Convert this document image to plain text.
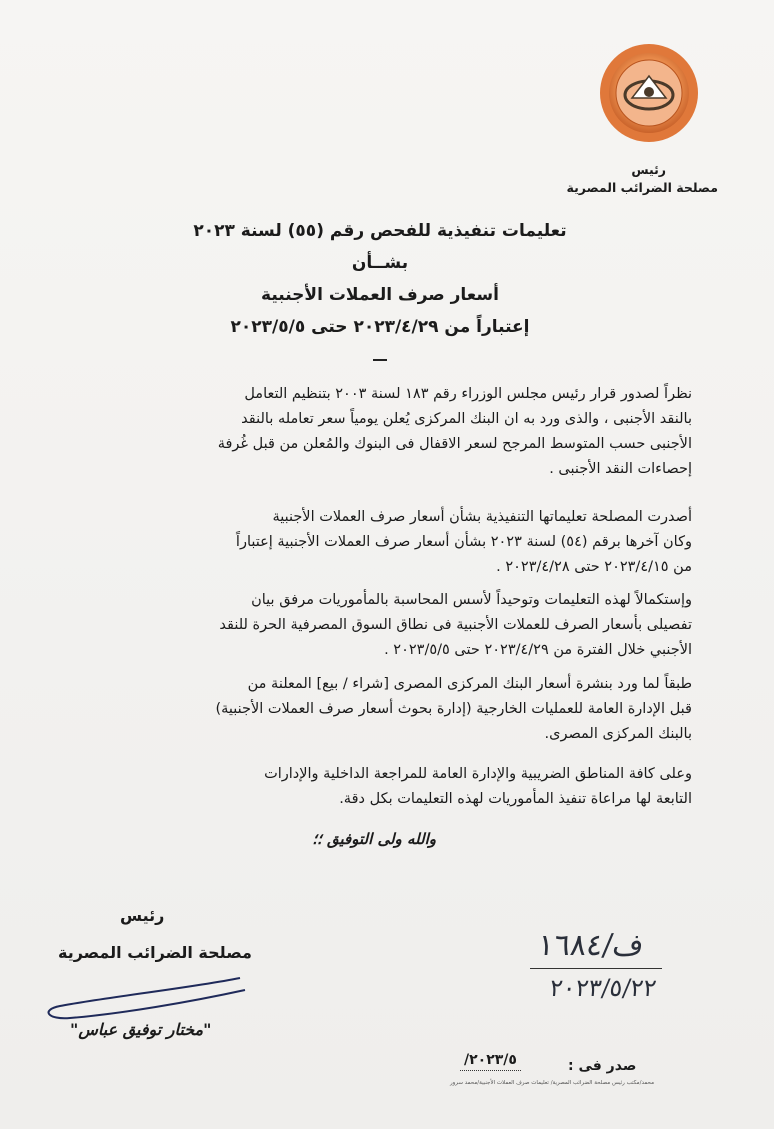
رئيس
مصلحة الضرائب المصرية
تعليمات تنفيذية للفحص رقم (٥٥) لسنة ٢٠٢٣
بشــأن
أسعار صرف العملات الأجنبية
إعتباراً من ٢٠٢٣/٤/٢٩ حتى ٢٠٢٣/٥/٥
نظراً لصدور قرار رئيس مجلس الوزراء رقم ١٨٣ لسنة ٢٠٠٣ بتنظيم التعامل
بالنقد الأجنبى ، والذى ورد به ان البنك المركزى يُعلن يومياً سعر تعامله بالنقد
الأجنبى حسب المتوسط المرجح لسعر الاقفال فى البنوك والمُعلن من قبل غُرفة
إحصاءات النقد الأجنبى .
أصدرت المصلحة تعليماتها التنفيذية بشأن أسعار صرف العملات الأجنبية
وكان آخرها برقم (٥٤) لسنة ٢٠٢٣ بشأن أسعار صرف العملات الأجنبية إعتباراً
من ٢٠٢٣/٤/١٥ حتى ٢٠٢٣/٤/٢٨ .
وإستكمالاً لهذه التعليمات وتوحيداً لأسس المحاسبة بالمأموريات مرفق بيان
تفصيلى بأسعار الصرف للعملات الأجنبية فى نطاق السوق المصرفية الحرة للنقد
الأجنبي خلال الفترة من ٢٠٢٣/٤/٢٩ حتى ٢٠٢٣/٥/٥ .
طبقاً لما ورد بنشرة أسعار البنك المركزى المصرى [شراء / بيع] المعلنة من
قبل الإدارة العامة للعمليات الخارجية (إدارة بحوث أسعار صرف العملات الأجنبية)
بالبنك المركزى المصرى.
وعلى كافة المناطق الضريبية والإدارة العامة للمراجعة الداخلية والإدارات
التابعة لها مراعاة تنفيذ المأموريات لهذه التعليمات بكل دقة.
والله ولى التوفيق ؛؛
رئيس
مصلحة الضرائب المصرية
"مختار توفيق عباس"
ف/١٦٨٤
٢٠٢٣/٥/٢٢
صدر فى :
٢٠٢٣/٥/
محمد/مكتب رئيس مصلحة الضرائب المصرية/ تعليمات صرف العملات الأجنبية/محمد سرور
